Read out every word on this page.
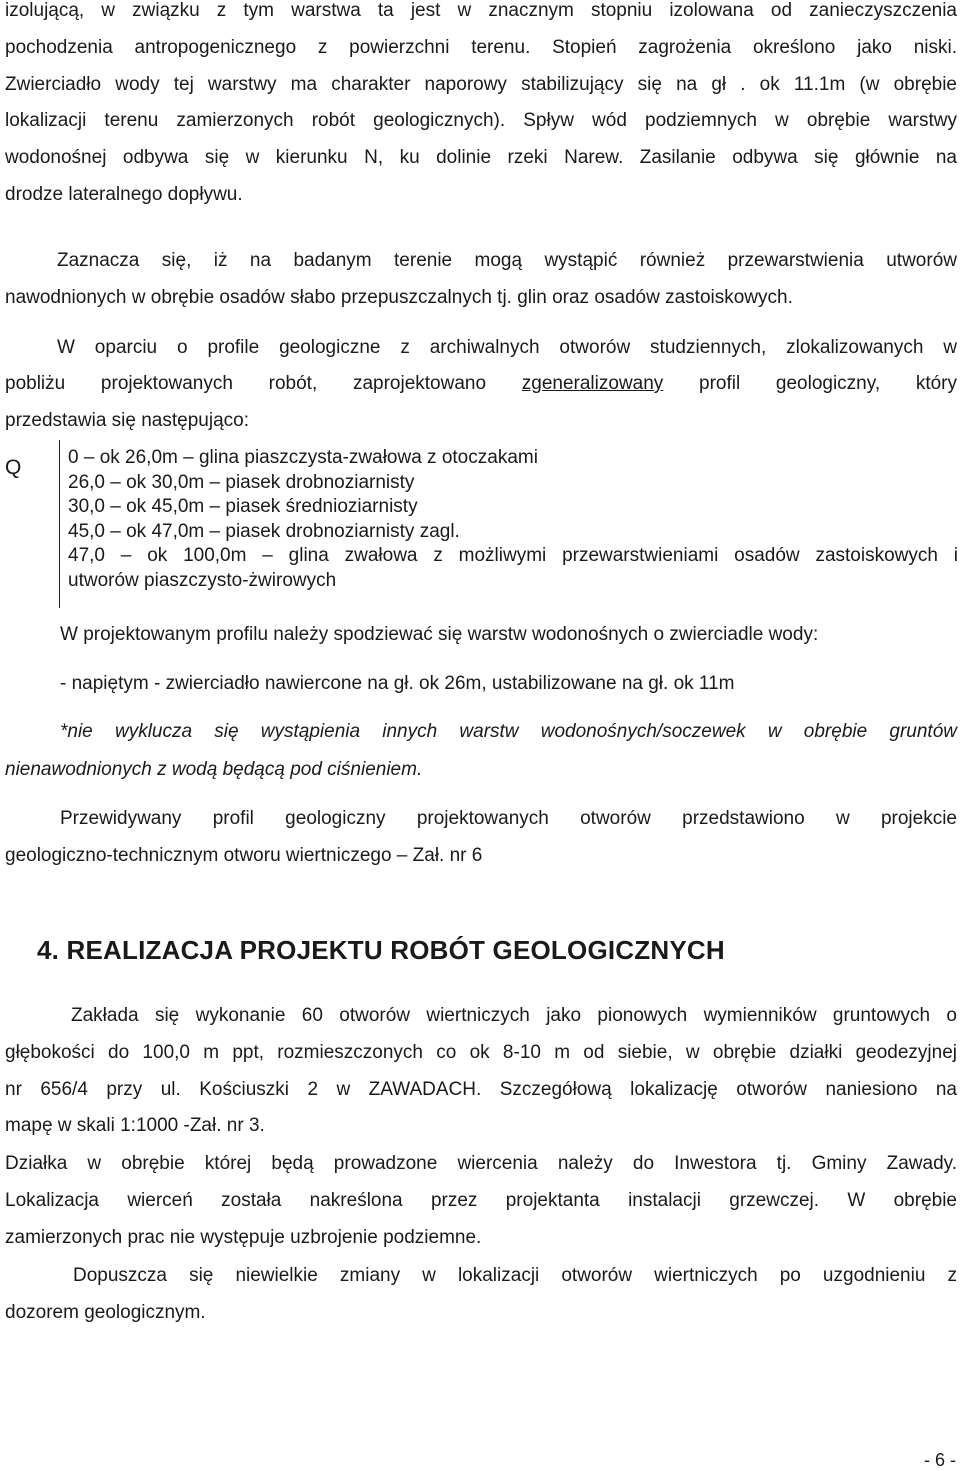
izolującą, w związku z tym warstwa ta jest w znacznym stopniu izolowana od zanieczyszczenia

pochodzenia antropogenicznego z powierzchni terenu. Stopień zagrożenia określono jako niski.

Zwierciadło wody tej warstwy ma charakter naporowy stabilizujący się na gł . ok 11.1m (w obrębie

lokalizacji terenu zamierzonych robót geologicznych). Spływ wód podziemnych w obrębie warstwy

wodonośnej odbywa się w kierunku N, ku dolinie rzeki Narew. Zasilanie odbywa się głównie na

drodze lateralnego dopływu.

Zaznacza się, iż na badanym terenie mogą wystąpić również przewarstwienia utworów

nawodnionych w obrębie osadów słabo przepuszczalnych tj. glin oraz osadów zastoiskowych.

W oparciu o profile geologiczne z archiwalnych otworów studziennych, zlokalizowanych w

pobliżu projektowanych robót, zaprojektowano zgeneralizowany profil geologiczny, który

przedstawia się następująco:

Q 0 – ok 26,0m – glina piaszczysta-zwałowa z otoczakami
26,0 – ok 30,0m – piasek drobnoziarnisty
30,0 – ok 45,0m – piasek średnioziarnisty
45,0 – ok 47,0m – piasek drobnoziarnisty zagl.
47,0 – ok 100,0m – glina zwałowa z możliwymi przewarstwieniami osadów zastoiskowych i
utworów piaszczysto-żwirowych

W projektowanym profilu należy spodziewać się warstw wodonośnych o zwierciadle wody:

- napiętym - zwierciadło nawiercone na gł. ok 26m, ustabilizowane na gł. ok 11m

*nie wyklucza się wystąpienia innych warstw wodonośnych/soczewek w obrębie gruntów

nienawodnionych z wodą będącą pod ciśnieniem.

Przewidywany profil geologiczny projektowanych otworów przedstawiono w projekcie

geologiczno-technicznym otworu wiertniczego – Zał. nr 6

4. REALIZACJA PROJEKTU ROBÓT GEOLOGICZNYCH

Zakłada się wykonanie 60 otworów wiertniczych jako pionowych wymienników gruntowych o

głębokości do 100,0 m ppt, rozmieszczonych co ok 8-10 m od siebie, w obrębie działki geodezyjnej

nr 656/4 przy ul. Kościuszki 2 w ZAWADACH. Szczegółową lokalizację otworów naniesiono na

mapę w skali 1:1000 -Zał. nr 3.

Działka w obrębie której będą prowadzone wiercenia należy do Inwestora tj. Gminy Zawady.

Lokalizacja wierceń została nakreślona przez projektanta instalacji grzewczej. W obrębie

zamierzonych prac nie występuje uzbrojenie podziemne.

Dopuszcza się niewielkie zmiany w lokalizacji otworów wiertniczych po uzgodnieniu z

dozorem geologicznym.

- 6 -
